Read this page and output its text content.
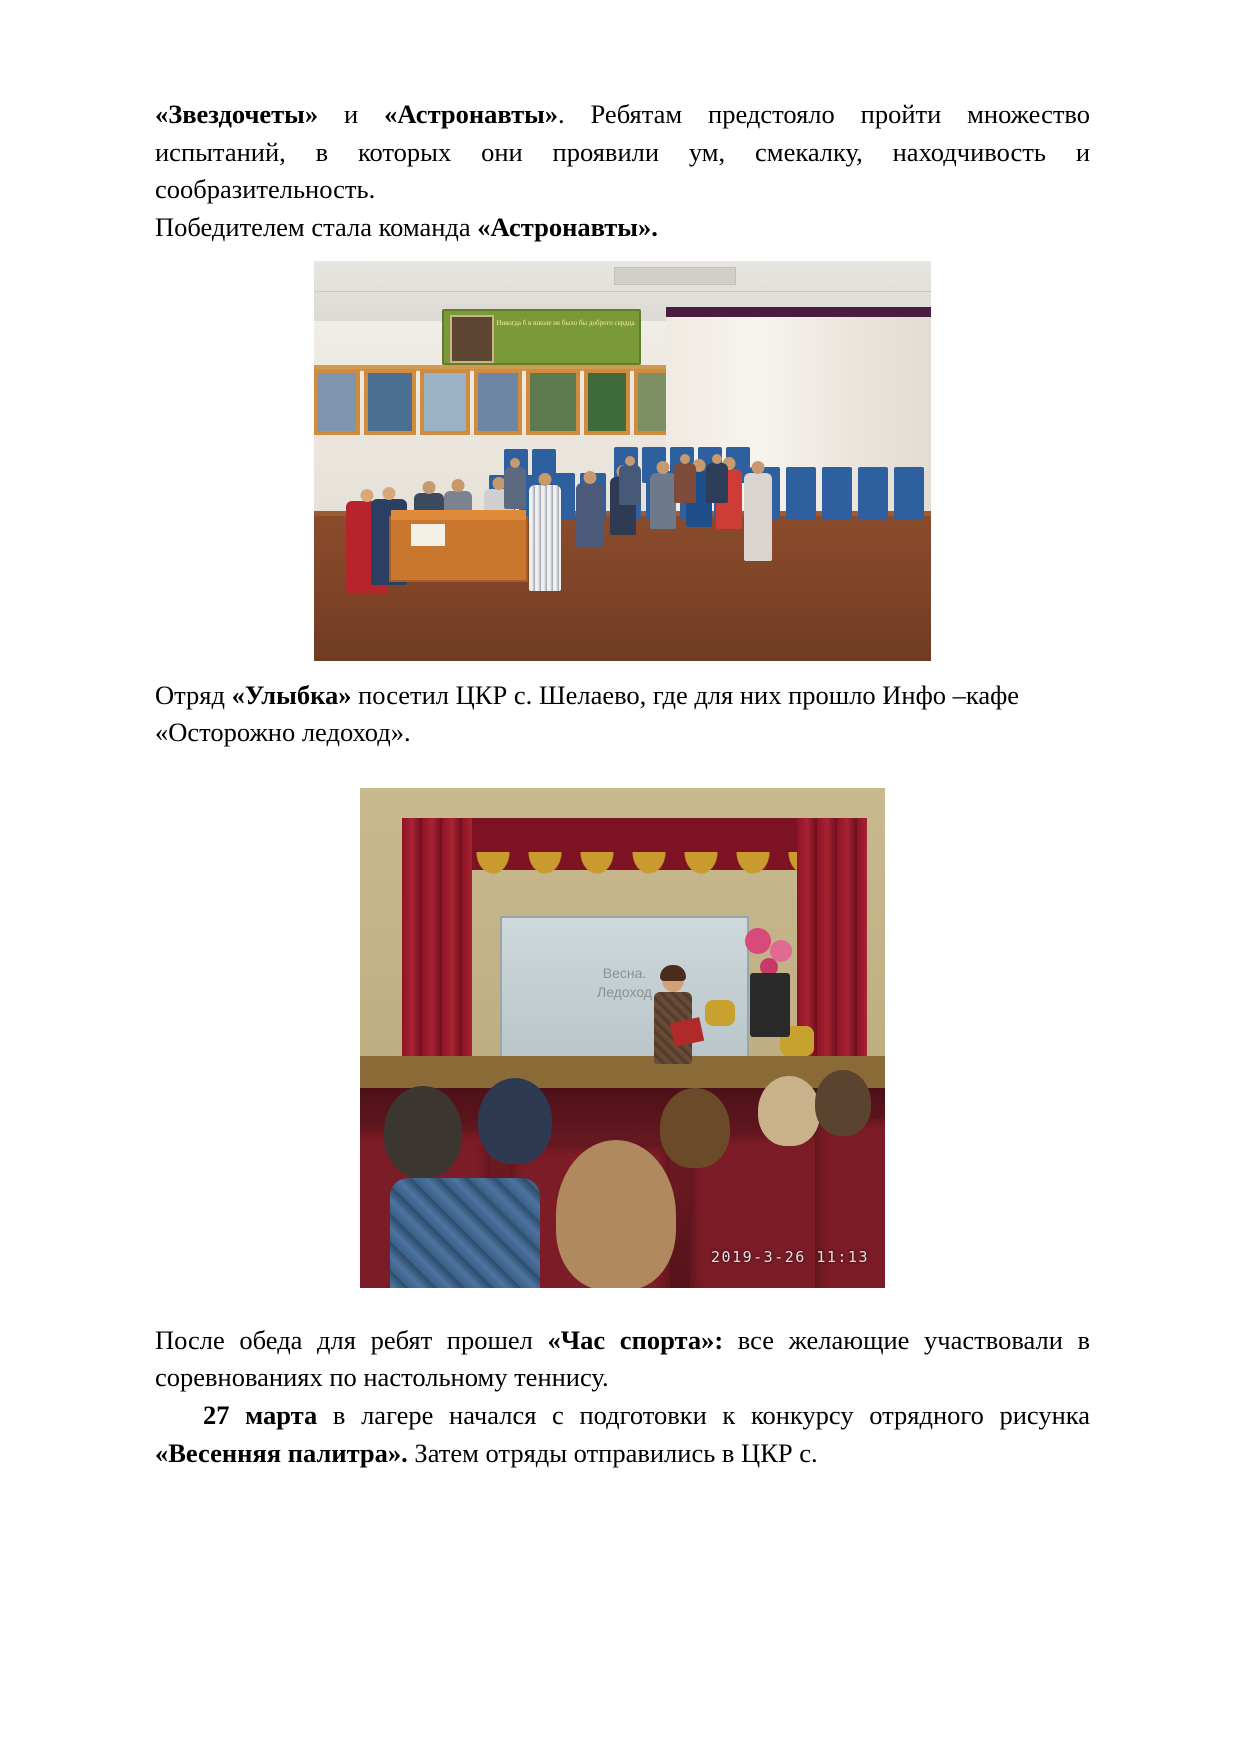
«Звездочеты» и «Астронавты». Ребятам предстояло пройти множество испытаний, в которых они проявили ум, смекалку, находчивость и сообразительность.

Победителем стала команда «Астронавты».

Никогда б в школе не было бы доброго сердца

Отряд «Улыбка» посетил ЦКР с. Шелаево, где для них прошло Инфо –кафе «Осторожно ледоход».

Весна.
Ледоход
2019-3-26 11:13

После обеда для ребят прошел «Час спорта»: все желающие участвовали в соревнованиях по настольному теннису.

27 марта в лагере начался с подготовки к конкурсу отрядного рисунка «Весенняя палитра». Затем отряды отправились в ЦКР с.
